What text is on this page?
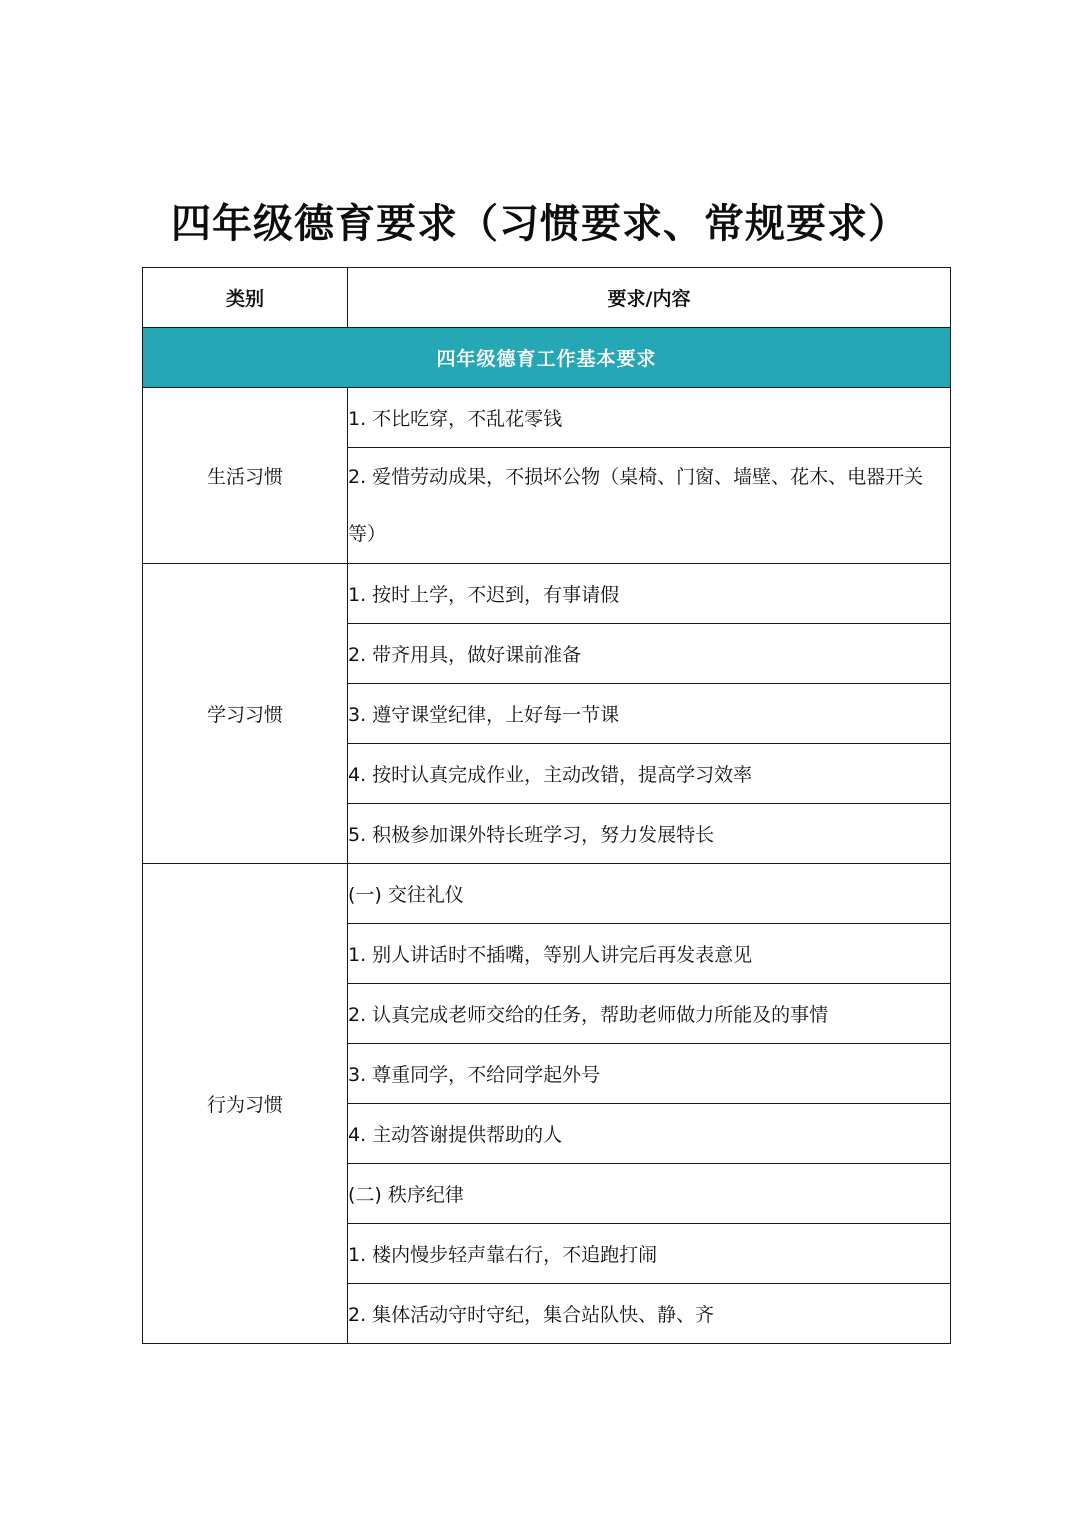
四年级德育要求（习惯要求、常规要求）
类别	要求/内容
四年级德育工作基本要求	
生活习惯	1. 不比吃穿，不乱花零钱
	2. 爱惜劳动成果，不损坏公物（桌椅、门窗、墙壁、花木、电器开关等）
学习习惯	1. 按时上学，不迟到，有事请假
	2. 带齐用具，做好课前准备
	3. 遵守课堂纪律，上好每一节课
	4. 按时认真完成作业，主动改错，提高学习效率
	5. 积极参加课外特长班学习，努力发展特长
行为习惯	(一) 交往礼仪
	1. 别人讲话时不插嘴，等别人讲完后再发表意见
	2. 认真完成老师交给的任务，帮助老师做力所能及的事情
	3. 尊重同学，不给同学起外号
	4. 主动答谢提供帮助的人
	(二) 秩序纪律
	1. 楼内慢步轻声靠右行，不追跑打闹
	2. 集体活动守时守纪，集合站队快、静、齐
